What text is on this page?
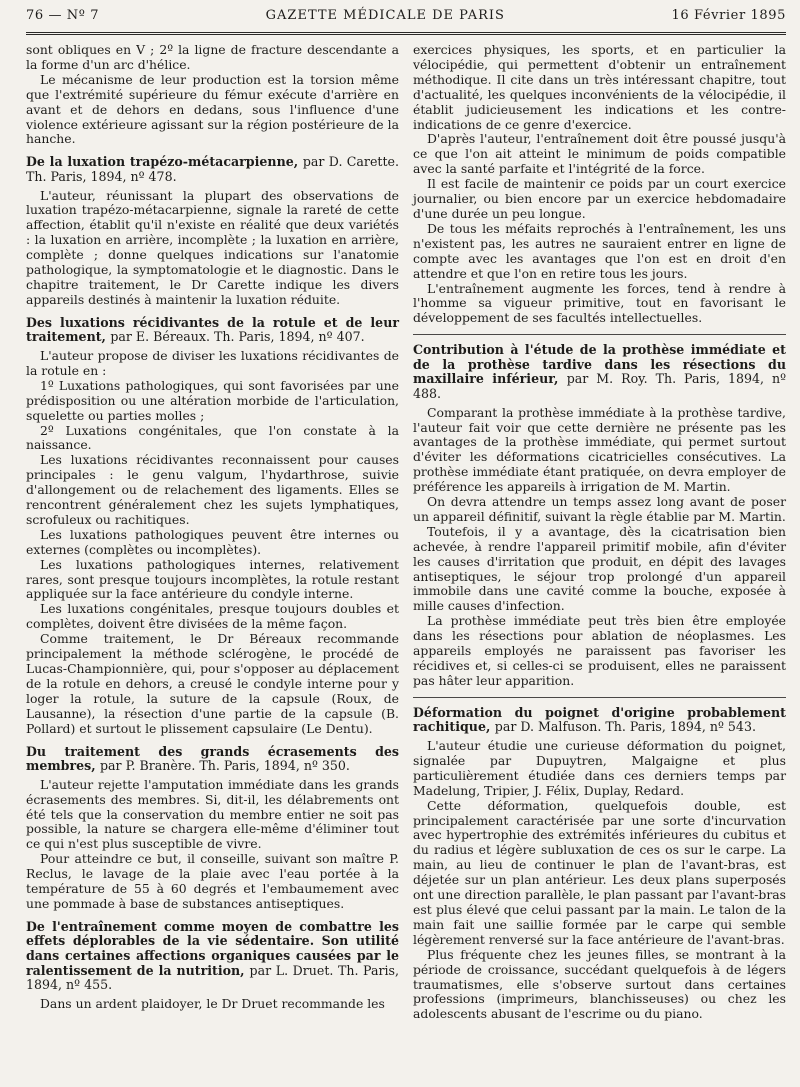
76 — Nº 7	GAZETTE MÉDICALE DE PARIS	16 Février 1895

sont obliques en V ; 2º la ligne de fracture descendante a la forme d'un arc d'hélice.

Le mécanisme de leur production est la torsion même que l'extrémité supérieure du fémur exécute d'arrière en avant et de dehors en dedans, sous l'influence d'une violence extérieure agissant sur la région postérieure de la hanche.

De la luxation trapézo-métacarpienne, par D. Carette. Th. Paris, 1894, nº 478.

L'auteur, réunissant la plupart des observations de luxation trapézo-métacarpienne, signale la rareté de cette affection, établit qu'il n'existe en réalité que deux variétés : la luxation en arrière, incomplète ; la luxation en arrière, complète ; donne quelques indications sur l'anatomie pathologique, la symptomatologie et le diagnostic. Dans le chapitre traitement, le Dr Carette indique les divers appareils destinés à maintenir la luxation réduite.

Des luxations récidivantes de la rotule et de leur traitement, par E. Béreaux. Th. Paris, 1894, nº 407.

L'auteur propose de diviser les luxations récidivantes de la rotule en :

1º Luxations pathologiques, qui sont favorisées par une prédisposition ou une altération morbide de l'articulation, squelette ou parties molles ;

2º Luxations congénitales, que l'on constate à la naissance.

Les luxations récidivantes reconnaissent pour causes principales : le genu valgum, l'hydarthrose, suivie d'allongement ou de relachement des ligaments. Elles se rencontrent généralement chez les sujets lymphatiques, scrofuleux ou rachitiques.

Les luxations pathologiques peuvent être internes ou externes (complètes ou incomplètes).

Les luxations pathologiques internes, relativement rares, sont presque toujours incomplètes, la rotule restant appliquée sur la face antérieure du condyle interne.

Les luxations congénitales, presque toujours doubles et complètes, doivent être divisées de la même façon.

Comme traitement, le Dr Béreaux recommande principalement la méthode sclérogène, le procédé de Lucas-Championnière, qui, pour s'opposer au déplacement de la rotule en dehors, a creusé le condyle interne pour y loger la rotule, la suture de la capsule (Roux, de Lausanne), la résection d'une partie de la capsule (B. Pollard) et surtout le plissement capsulaire (Le Dentu).

Du traitement des grands écrasements des membres, par P. Branère. Th. Paris, 1894, nº 350.

L'auteur rejette l'amputation immédiate dans les grands écrasements des membres. Si, dit-il, les délabrements ont été tels que la conservation du membre entier ne soit pas possible, la nature se chargera elle-même d'éliminer tout ce qui n'est plus susceptible de vivre.

Pour atteindre ce but, il conseille, suivant son maître P. Reclus, le lavage de la plaie avec l'eau portée à la température de 55 à 60 degrés et l'embaumement avec une pommade à base de substances antiseptiques.

De l'entraînement comme moyen de combattre les effets déplorables de la vie sédentaire. Son utilité dans certaines affections organiques causées par le ralentissement de la nutrition, par L. Druet. Th. Paris, 1894, nº 455.

Dans un ardent plaidoyer, le Dr Druet recommande les

exercices physiques, les sports, et en particulier la vélocipédie, qui permettent d'obtenir un entraînement méthodique. Il cite dans un très intéressant chapitre, tout d'actualité, les quelques inconvénients de la vélocipédie, il établit judicieusement les indications et les contre-indications de ce genre d'exercice.

D'après l'auteur, l'entraînement doit être poussé jusqu'à ce que l'on ait atteint le minimum de poids compatible avec la santé parfaite et l'intégrité de la force.

Il est facile de maintenir ce poids par un court exercice journalier, ou bien encore par un exercice hebdomadaire d'une durée un peu longue.

De tous les méfaits reprochés à l'entraînement, les uns n'existent pas, les autres ne sauraient entrer en ligne de compte avec les avantages que l'on est en droit d'en attendre et que l'on en retire tous les jours.

L'entraînement augmente les forces, tend à rendre à l'homme sa vigueur primitive, tout en favorisant le développement de ses facultés intellectuelles.

Contribution à l'étude de la prothèse immédiate et de la prothèse tardive dans les résections du maxillaire inférieur, par M. Roy. Th. Paris, 1894, nº 488.

Comparant la prothèse immédiate à la prothèse tardive, l'auteur fait voir que cette dernière ne présente pas les avantages de la prothèse immédiate, qui permet surtout d'éviter les déformations cicatricielles consécutives. La prothèse immédiate étant pratiquée, on devra employer de préférence les appareils à irrigation de M. Martin.

On devra attendre un temps assez long avant de poser un appareil définitif, suivant la règle établie par M. Martin.

Toutefois, il y a avantage, dès la cicatrisation bien achevée, à rendre l'appareil primitif mobile, afin d'éviter les causes d'irritation que produit, en dépit des lavages antiseptiques, le séjour trop prolongé d'un appareil immobile dans une cavité comme la bouche, exposée à mille causes d'infection.

La prothèse immédiate peut très bien être employée dans les résections pour ablation de néoplasmes. Les appareils employés ne paraissent pas favoriser les récidives et, si celles-ci se produisent, elles ne paraissent pas hâter leur apparition.

Déformation du poignet d'origine probablement rachitique, par D. Malfuson. Th. Paris, 1894, nº 543.

L'auteur étudie une curieuse déformation du poignet, signalée par Dupuytren, Malgaigne et plus particulièrement étudiée dans ces derniers temps par Madelung, Tripier, J. Félix, Duplay, Redard.

Cette déformation, quelquefois double, est principalement caractérisée par une sorte d'incurvation avec hypertrophie des extrémités inférieures du cubitus et du radius et légère subluxation de ces os sur le carpe. La main, au lieu de continuer le plan de l'avant-bras, est déjetée sur un plan antérieur. Les deux plans superposés ont une direction parallèle, le plan passant par l'avant-bras est plus élevé que celui passant par la main. Le talon de la main fait une saillie formée par le carpe qui semble légèrement renversé sur la face antérieure de l'avant-bras.

Plus fréquente chez les jeunes filles, se montrant à la période de croissance, succédant quelquefois à de légers traumatismes, elle s'observe surtout dans certaines professions (imprimeurs, blanchisseuses) ou chez les adolescents abusant de l'escrime ou du piano.
